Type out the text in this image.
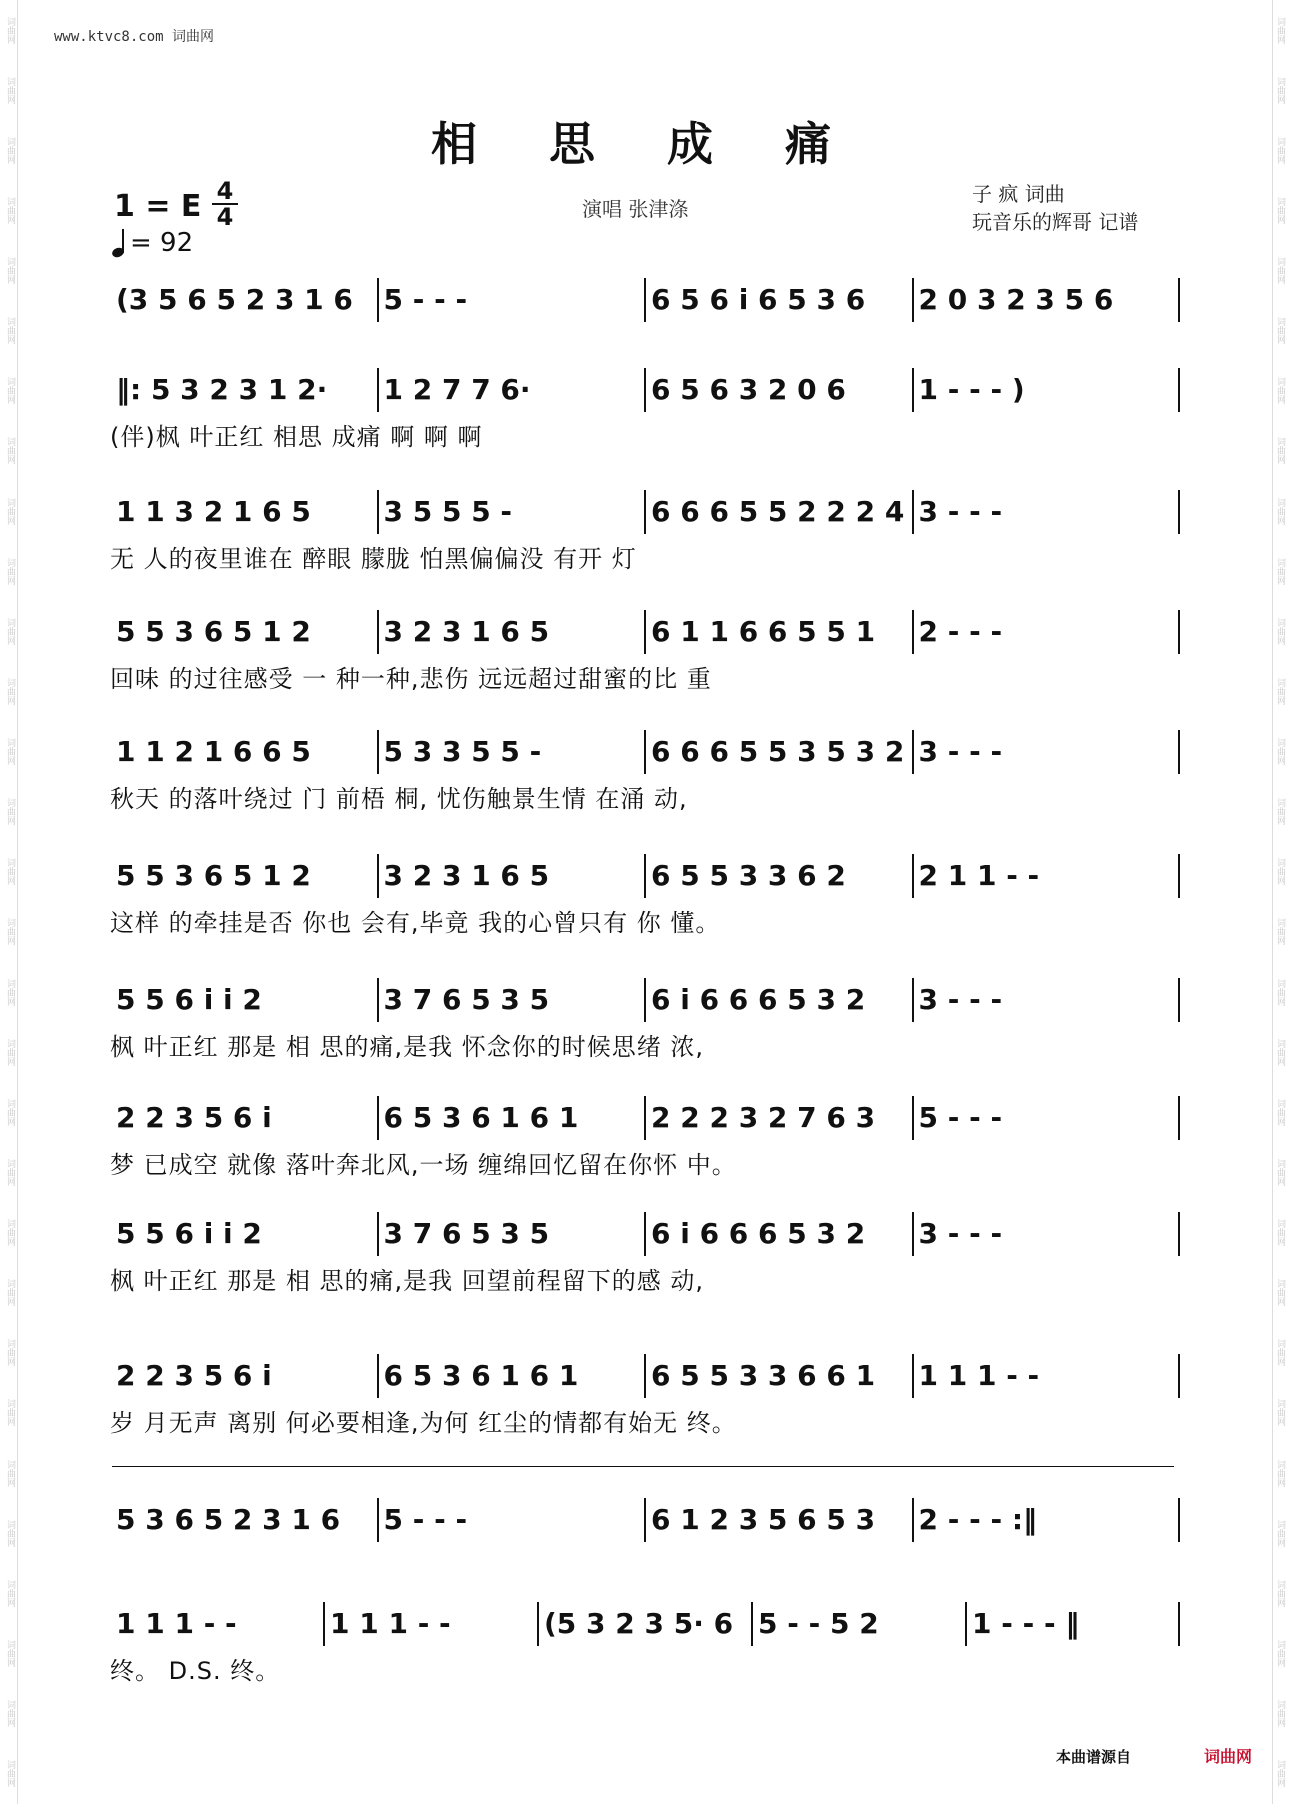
词曲网
词曲网
词曲网
词曲网
词曲网
词曲网
词曲网
词曲网
词曲网
词曲网
词曲网
词曲网
词曲网
词曲网
词曲网
词曲网
词曲网
词曲网
词曲网
词曲网
词曲网
词曲网
词曲网
词曲网
词曲网
词曲网
词曲网
词曲网
词曲网
词曲网
词曲网
词曲网
词曲网
词曲网
词曲网
词曲网
词曲网
词曲网
词曲网
词曲网
词曲网
词曲网
词曲网
词曲网
词曲网
词曲网
词曲网
词曲网
词曲网
词曲网
词曲网
词曲网
词曲网
词曲网
词曲网
词曲网
词曲网
词曲网
词曲网
词曲网
www.ktvc8.com 词曲网
相 思 成 痛
1 = E 4
4
= 92
演唱 张津涤
子 疯 词曲
玩音乐的辉哥 记谱
(3 5 6 5 2 3 1 6	5 - - -	6 5 6 i 6 5 3 6	2 0 3 2 3 5 6
‖: 5 3 2 3 1 2·	1 2 7 7 6·	6 5 6 3 2 0 6	1 - - - )
(伴)枫 叶正红 相思 成痛 啊 啊 啊
1 1 3 2 1 6 5	3 5 5 5 -	6 6 6 5 5 2 2 2 4 3 - - -
无 人的夜里谁在 醉眼 朦胧 怕黑偏偏没 有开 灯
5 5 3 6 5 1 2	3 2 3 1 6 5	6 1 1 6 6 5 5 1	2 - - -
回味 的过往感受 一 种一种,悲伤 远远超过甜蜜的比 重
1 1 2 1 6 6 5	5 3 3 5 5 -	6 6 6 5 5 3 5 3 2 3 - - -
秋天 的落叶绕过 门 前梧 桐, 忧伤触景生情 在涌 动,
5 5 3 6 5 1 2	3 2 3 1 6 5	6 5 5 3 3 6 2	2 1 1 - -
这样 的牵挂是否 你也 会有,毕竟 我的心曾只有 你 懂。
5 5 6 i i 2	3 7 6 5 3 5	6 i 6 6 6 5 3 2	3 - - -
枫 叶正红 那是 相 思的痛,是我 怀念你的时候思绪 浓,
2 2 3 5 6 i	6 5 3 6 1 6 1	2 2 2 3 2 7 6 3	5 - - -
梦 已成空 就像 落叶奔北风,一场 缠绵回忆留在你怀 中。
5 5 6 i i 2	3 7 6 5 3 5	6 i 6 6 6 5 3 2	3 - - -
枫 叶正红 那是 相 思的痛,是我 回望前程留下的感 动,
2 2 3 5 6 i	6 5 3 6 1 6 1	6 5 5 3 3 6 6 1	1 1 1 - -
岁 月无声 离别 何必要相逢,为何 红尘的情都有始无 终。
5 3 6 5 2 3 1 6	5 - - -	6 1 2 3 5 6 5 3	2 - - - :‖
1 1 1 - -	1 1 1 - -	(5 3 2 3 5· 6 5 - - 5 2	1 - - - ‖
终。 D.S. 终。
本曲谱源自	词曲网
